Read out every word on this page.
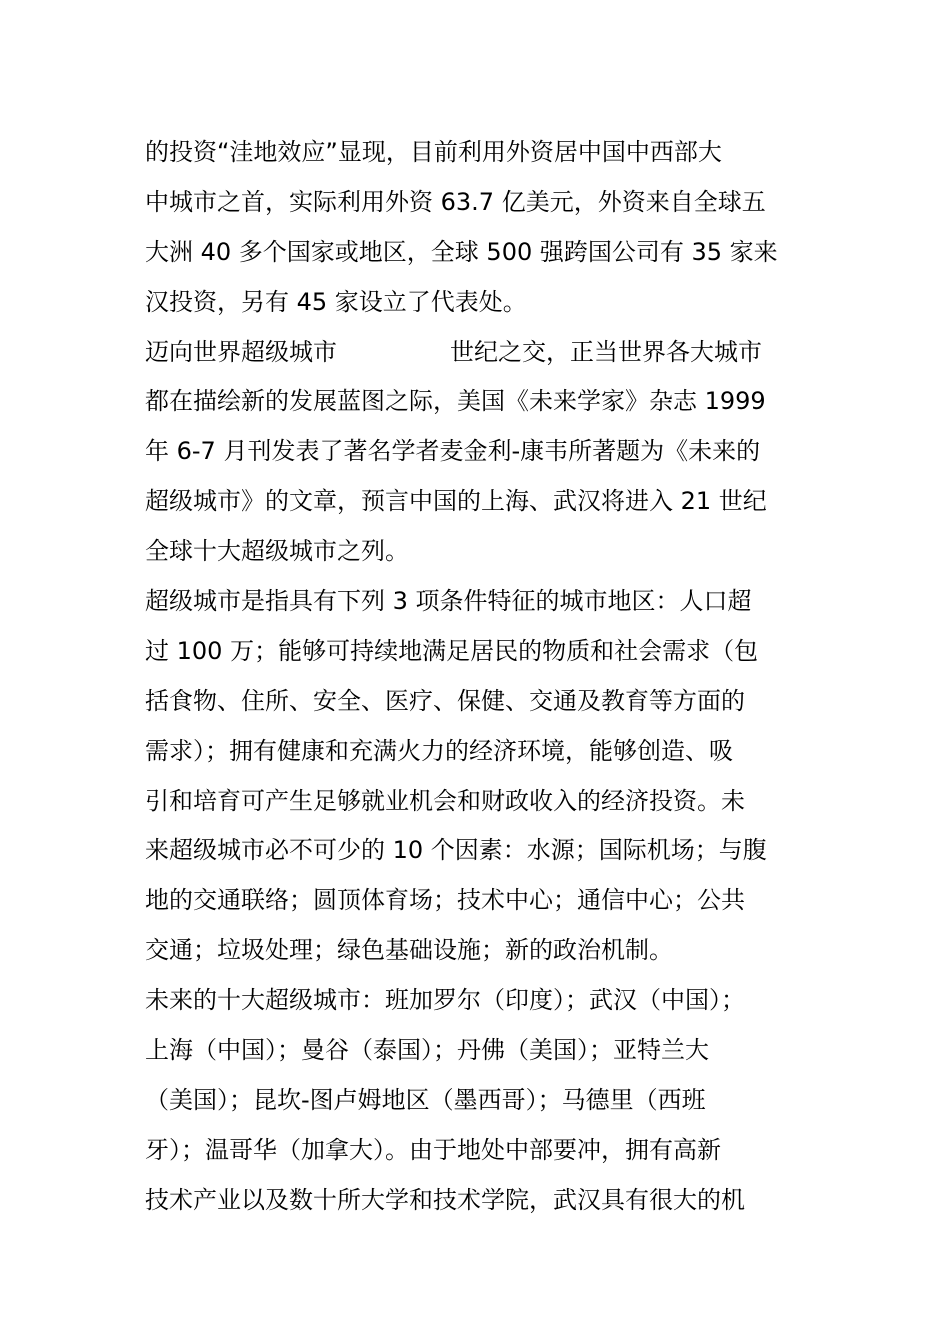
的投资“洼地效应”显现，目前利用外资居中国中西部大
中城市之首，实际利用外资 63.7 亿美元，外资来自全球五
大洲 40 多个国家或地区，全球 500 强跨国公司有 35 家来
汉投资，另有 45 家设立了代表处。
迈向世界超级城市	世纪之交，正当世界各大城市
都在描绘新的发展蓝图之际，美国《未来学家》杂志 1999
年 6-7 月刊发表了著名学者麦金利-康韦所著题为《未来的
超级城市》的文章，预言中国的上海、武汉将进入 21 世纪
全球十大超级城市之列。
超级城市是指具有下列 3 项条件特征的城市地区：人口超
过 100 万；能够可持续地满足居民的物质和社会需求（包
括食物、住所、安全、医疗、保健、交通及教育等方面的
需求）；拥有健康和充满火力的经济环境，能够创造、吸
引和培育可产生足够就业机会和财政收入的经济投资。未
来超级城市必不可少的 10 个因素：水源；国际机场；与腹
地的交通联络；圆顶体育场；技术中心；通信中心；公共
交通；垃圾处理；绿色基础设施；新的政治机制。
未来的十大超级城市：班加罗尔（印度）；武汉（中国）；
上海（中国）；曼谷（泰国）；丹佛（美国）；亚特兰大
（美国）；昆坎-图卢姆地区（墨西哥）；马德里（西班
牙）；温哥华（加拿大）。由于地处中部要冲，拥有高新
技术产业以及数十所大学和技术学院，武汉具有很大的机
